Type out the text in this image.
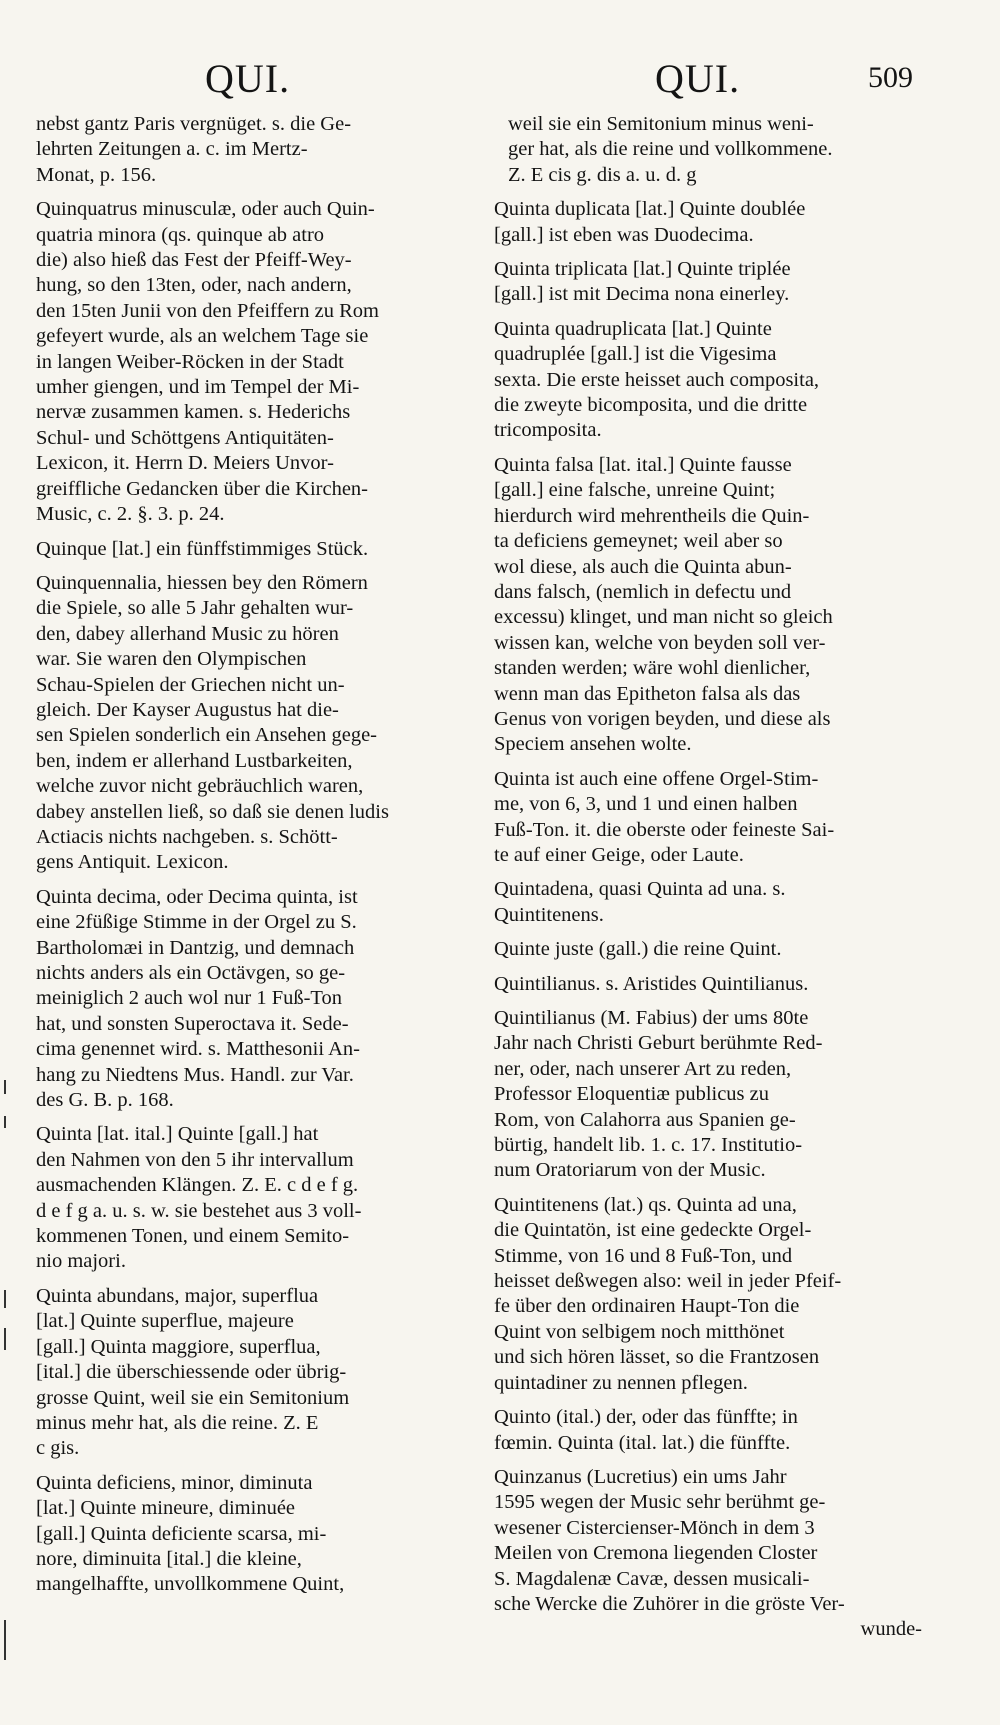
QUI.	QUI.	509
nebst gantz Paris vergnüget. s. die Ge-
lehrten Zeitungen a. c. im Mertz-
Monat, p. 156.
Quinquatrus minusculæ, oder auch Quin-
quatria minora (qs. quinque ab atro
die) also hieß das Fest der Pfeiff-Wey-
hung, so den 13ten, oder, nach andern,
den 15ten Junii von den Pfeiffern zu Rom
gefeyert wurde, als an welchem Tage sie
in langen Weiber-Röcken in der Stadt
umher giengen, und im Tempel der Mi-
nervæ zusammen kamen. s. Hederichs
Schul- und Schöttgens Antiquitäten-
Lexicon, it. Herrn D. Meiers Unvor-
greiffliche Gedancken über die Kirchen-
Music, c. 2. §. 3. p. 24.
Quinque [lat.] ein fünffstimmiges Stück.
Quinquennalia, hiessen bey den Römern
die Spiele, so alle 5 Jahr gehalten wur-
den, dabey allerhand Music zu hören
war. Sie waren den Olympischen
Schau-Spielen der Griechen nicht un-
gleich. Der Kayser Augustus hat die-
sen Spielen sonderlich ein Ansehen gege-
ben, indem er allerhand Lustbarkeiten,
welche zuvor nicht gebräuchlich waren,
dabey anstellen ließ, so daß sie denen ludis
Actiacis nichts nachgeben. s. Schött-
gens Antiquit. Lexicon.
Quinta decima, oder Decima quinta, ist
eine 2füßige Stimme in der Orgel zu S.
Bartholomæi in Dantzig, und demnach
nichts anders als ein Octävgen, so ge-
meiniglich 2 auch wol nur 1 Fuß-Ton
hat, und sonsten Superoctava it. Sede-
cima genennet wird. s. Matthesonii An-
hang zu Niedtens Mus. Handl. zur Var.
des G. B. p. 168.
Quinta [lat. ital.] Quinte [gall.] hat
den Nahmen von den 5 ihr intervallum
ausmachenden Klängen. Z. E. c d e f g.
d e f g a. u. s. w. sie bestehet aus 3 voll-
kommenen Tonen, und einem Semito-
nio majori.
Quinta abundans, major, superflua
[lat.] Quinte superflue, majeure
[gall.] Quinta maggiore, superflua,
[ital.] die überschiessende oder übrig-
grosse Quint, weil sie ein Semitonium
minus mehr hat, als die reine. Z. E
c gis.
Quinta deficiens, minor, diminuta
[lat.] Quinte mineure, diminuée
[gall.] Quinta deficiente scarsa, mi-
nore, diminuita [ital.] die kleine,
mangelhaffte, unvollkommene Quint,
weil sie ein Semitonium minus weni-
ger hat, als die reine und vollkommene.
Z. E cis g. dis a. u. d. g
Quinta duplicata [lat.] Quinte doublée
[gall.] ist eben was Duodecima.
Quinta triplicata [lat.] Quinte triplée
[gall.] ist mit Decima nona einerley.
Quinta quadruplicata [lat.] Quinte
quadruplée [gall.] ist die Vigesima
sexta. Die erste heisset auch composita,
die zweyte bicomposita, und die dritte
tricomposita.
Quinta falsa [lat. ital.] Quinte fausse
[gall.] eine falsche, unreine Quint;
hierdurch wird mehrentheils die Quin-
ta deficiens gemeynet; weil aber so
wol diese, als auch die Quinta abun-
dans falsch, (nemlich in defectu und
excessu) klinget, und man nicht so gleich
wissen kan, welche von beyden soll ver-
standen werden; wäre wohl dienlicher,
wenn man das Epitheton falsa als das
Genus von vorigen beyden, und diese als
Speciem ansehen wolte.
Quinta ist auch eine offene Orgel-Stim-
me, von 6, 3, und 1 und einen halben
Fuß-Ton. it. die oberste oder feineste Sai-
te auf einer Geige, oder Laute.
Quintadena, quasi Quinta ad una. s.
Quintitenens.
Quinte juste (gall.) die reine Quint.
Quintilianus. s. Aristides Quintilianus.
Quintilianus (M. Fabius) der ums 80te
Jahr nach Christi Geburt berühmte Red-
ner, oder, nach unserer Art zu reden,
Professor Eloquentiæ publicus zu
Rom, von Calahorra aus Spanien ge-
bürtig, handelt lib. 1. c. 17. Institutio-
num Oratoriarum von der Music.
Quintitenens (lat.) qs. Quinta ad una,
die Quintatön, ist eine gedeckte Orgel-
Stimme, von 16 und 8 Fuß-Ton, und
heisset deßwegen also: weil in jeder Pfeif-
fe über den ordinairen Haupt-Ton die
Quint von selbigem noch mitthönet
und sich hören lässet, so die Frantzosen
quintadiner zu nennen pflegen.
Quinto (ital.) der, oder das fünffte; in
fœmin. Quinta (ital. lat.) die fünffte.
Quinzanus (Lucretius) ein ums Jahr
1595 wegen der Music sehr berühmt ge-
wesener Cistercienser-Mönch in dem 3
Meilen von Cremona liegenden Closter
S. Magdalenæ Cavæ, dessen musicali-
sche Wercke die Zuhörer in die gröste Ver-
wunde-
